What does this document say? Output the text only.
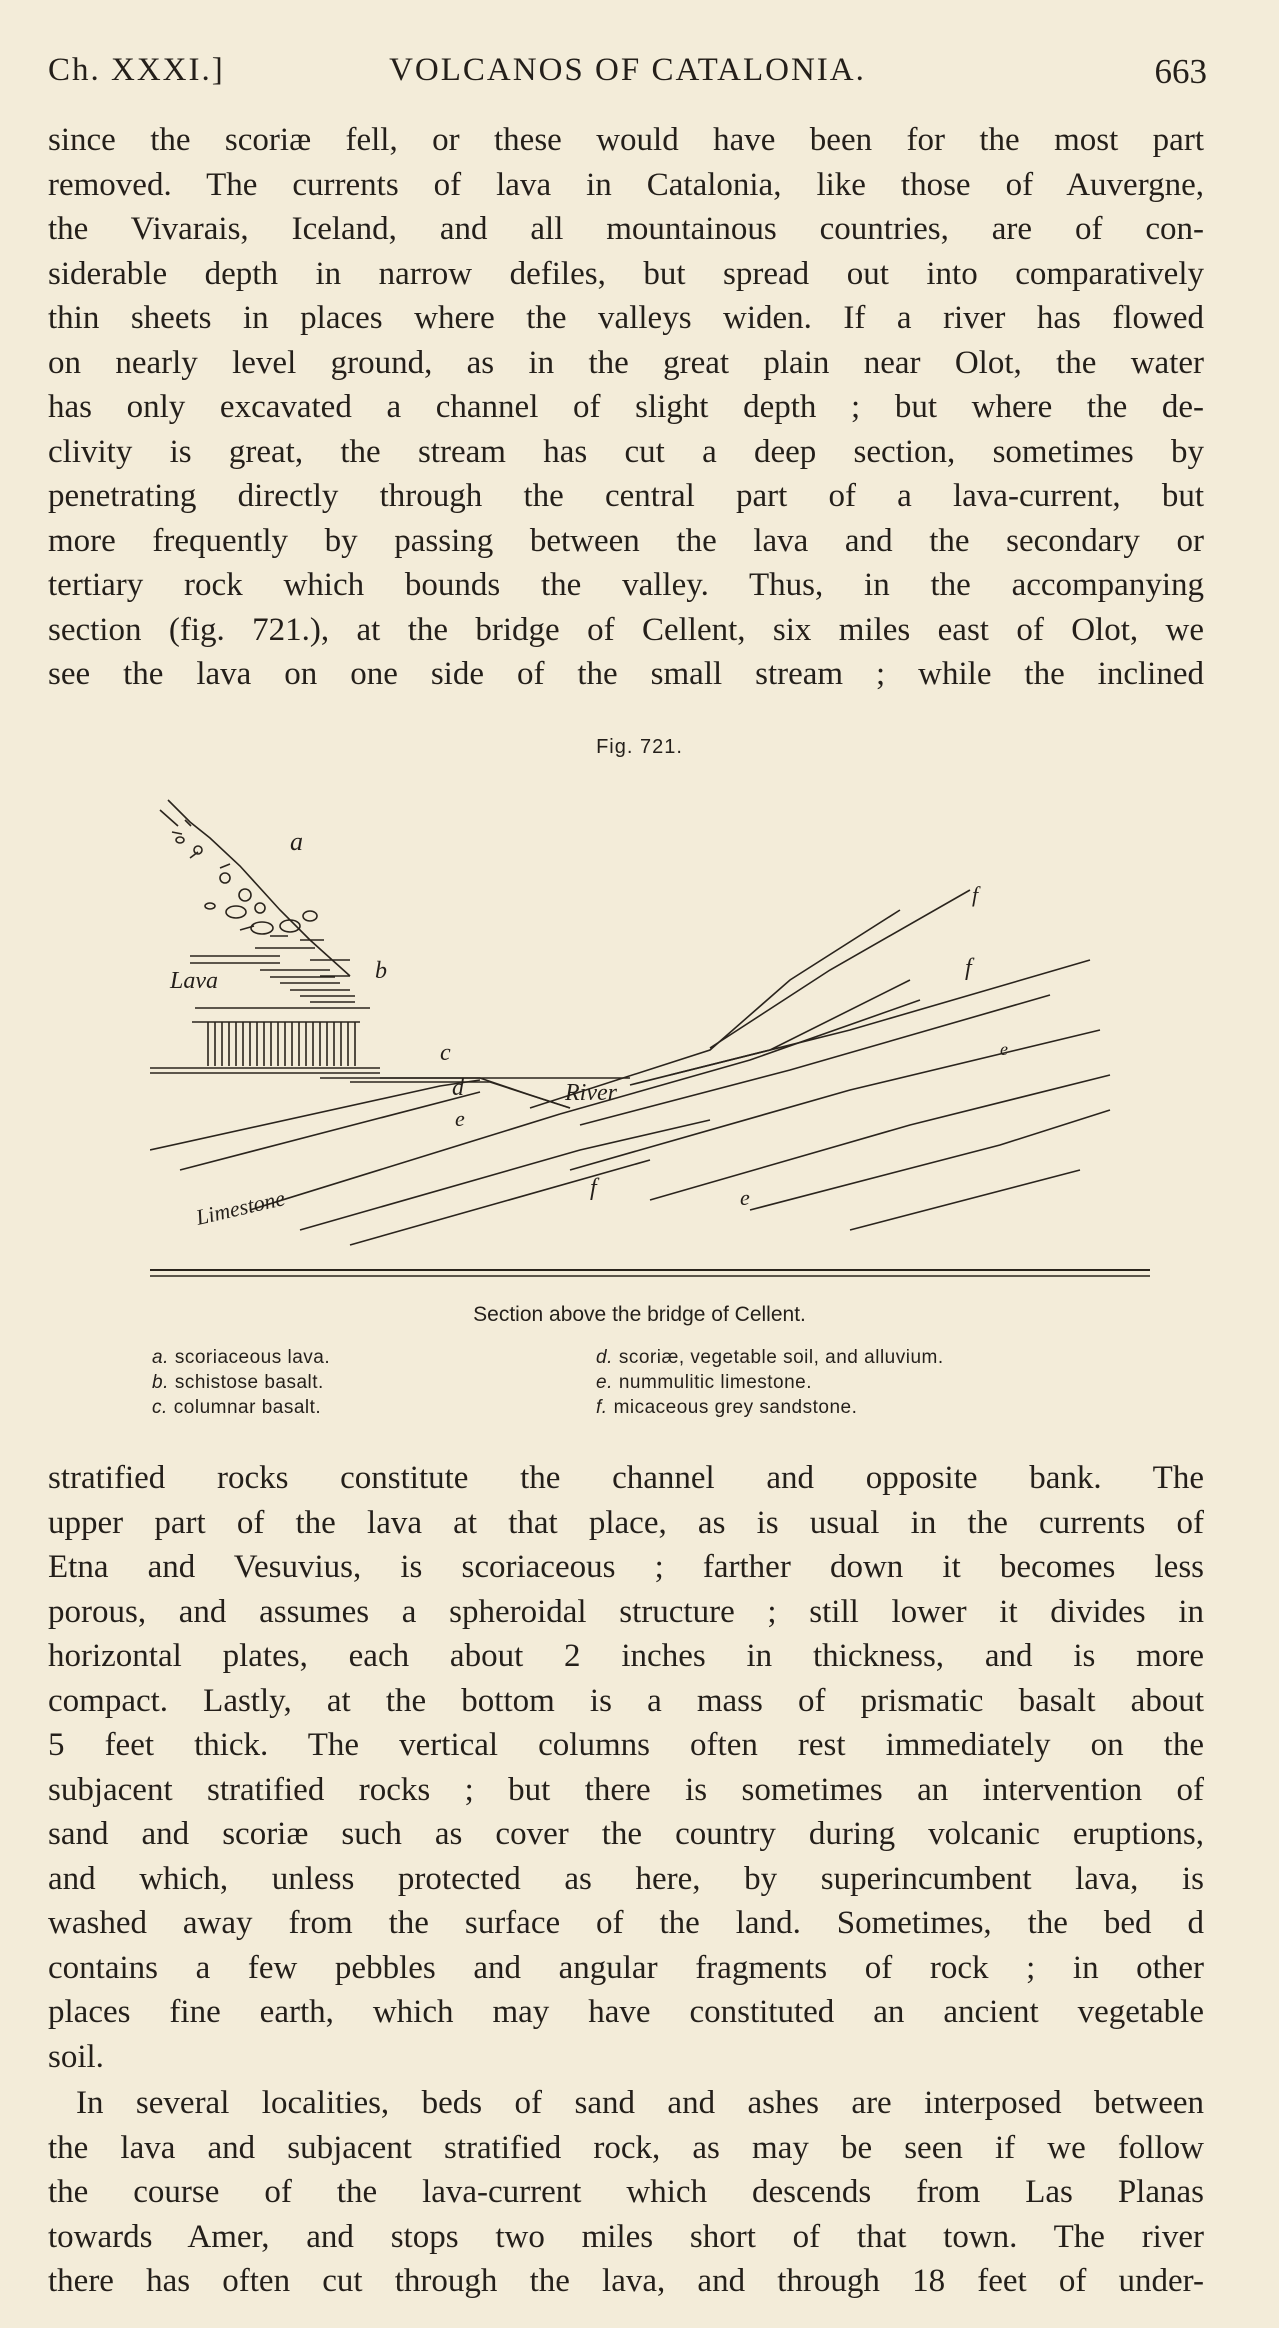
Ch. XXXI.]	VOLCANOS OF CATALONIA.	663
since the scoriæ fell, or these would have been for the most part
removed. The currents of lava in Catalonia, like those of Auvergne,
the Vivarais, Iceland, and all mountainous countries, are of con-
siderable depth in narrow defiles, but spread out into comparatively
thin sheets in places where the valleys widen. If a river has flowed
on nearly level ground, as in the great plain near Olot, the water
has only excavated a channel of slight depth ; but where the de-
clivity is great, the stream has cut a deep section, sometimes by
penetrating directly through the central part of a lava-current, but
more frequently by passing between the lava and the secondary or
tertiary rock which bounds the valley. Thus, in the accompanying
section (fig. 721.), at the bridge of Cellent, six miles east of Olot, we
see the lava on one side of the small stream ; while the inclined
Fig. 721.
a
b
c
d
e
e
e
f
f
f
Lava
River
Limestone
Section above the bridge of Cellent.
a. scoriaceous lava.
b. schistose basalt.
c. columnar basalt.
d. scoriæ, vegetable soil, and alluvium.
e. nummulitic limestone.
f. micaceous grey sandstone.
stratified rocks constitute the channel and opposite bank. The
upper part of the lava at that place, as is usual in the currents of
Etna and Vesuvius, is scoriaceous ; farther down it becomes less
porous, and assumes a spheroidal structure ; still lower it divides in
horizontal plates, each about 2 inches in thickness, and is more
compact. Lastly, at the bottom is a mass of prismatic basalt about
5 feet thick. The vertical columns often rest immediately on the
subjacent stratified rocks ; but there is sometimes an intervention of
sand and scoriæ such as cover the country during volcanic eruptions,
and which, unless protected as here, by superincumbent lava, is
washed away from the surface of the land. Sometimes, the bed d
contains a few pebbles and angular fragments of rock ; in other
places fine earth, which may have constituted an ancient vegetable
soil.
In several localities, beds of sand and ashes are interposed between
the lava and subjacent stratified rock, as may be seen if we follow
the course of the lava-current which descends from Las Planas
towards Amer, and stops two miles short of that town. The river
there has often cut through the lava, and through 18 feet of under-
